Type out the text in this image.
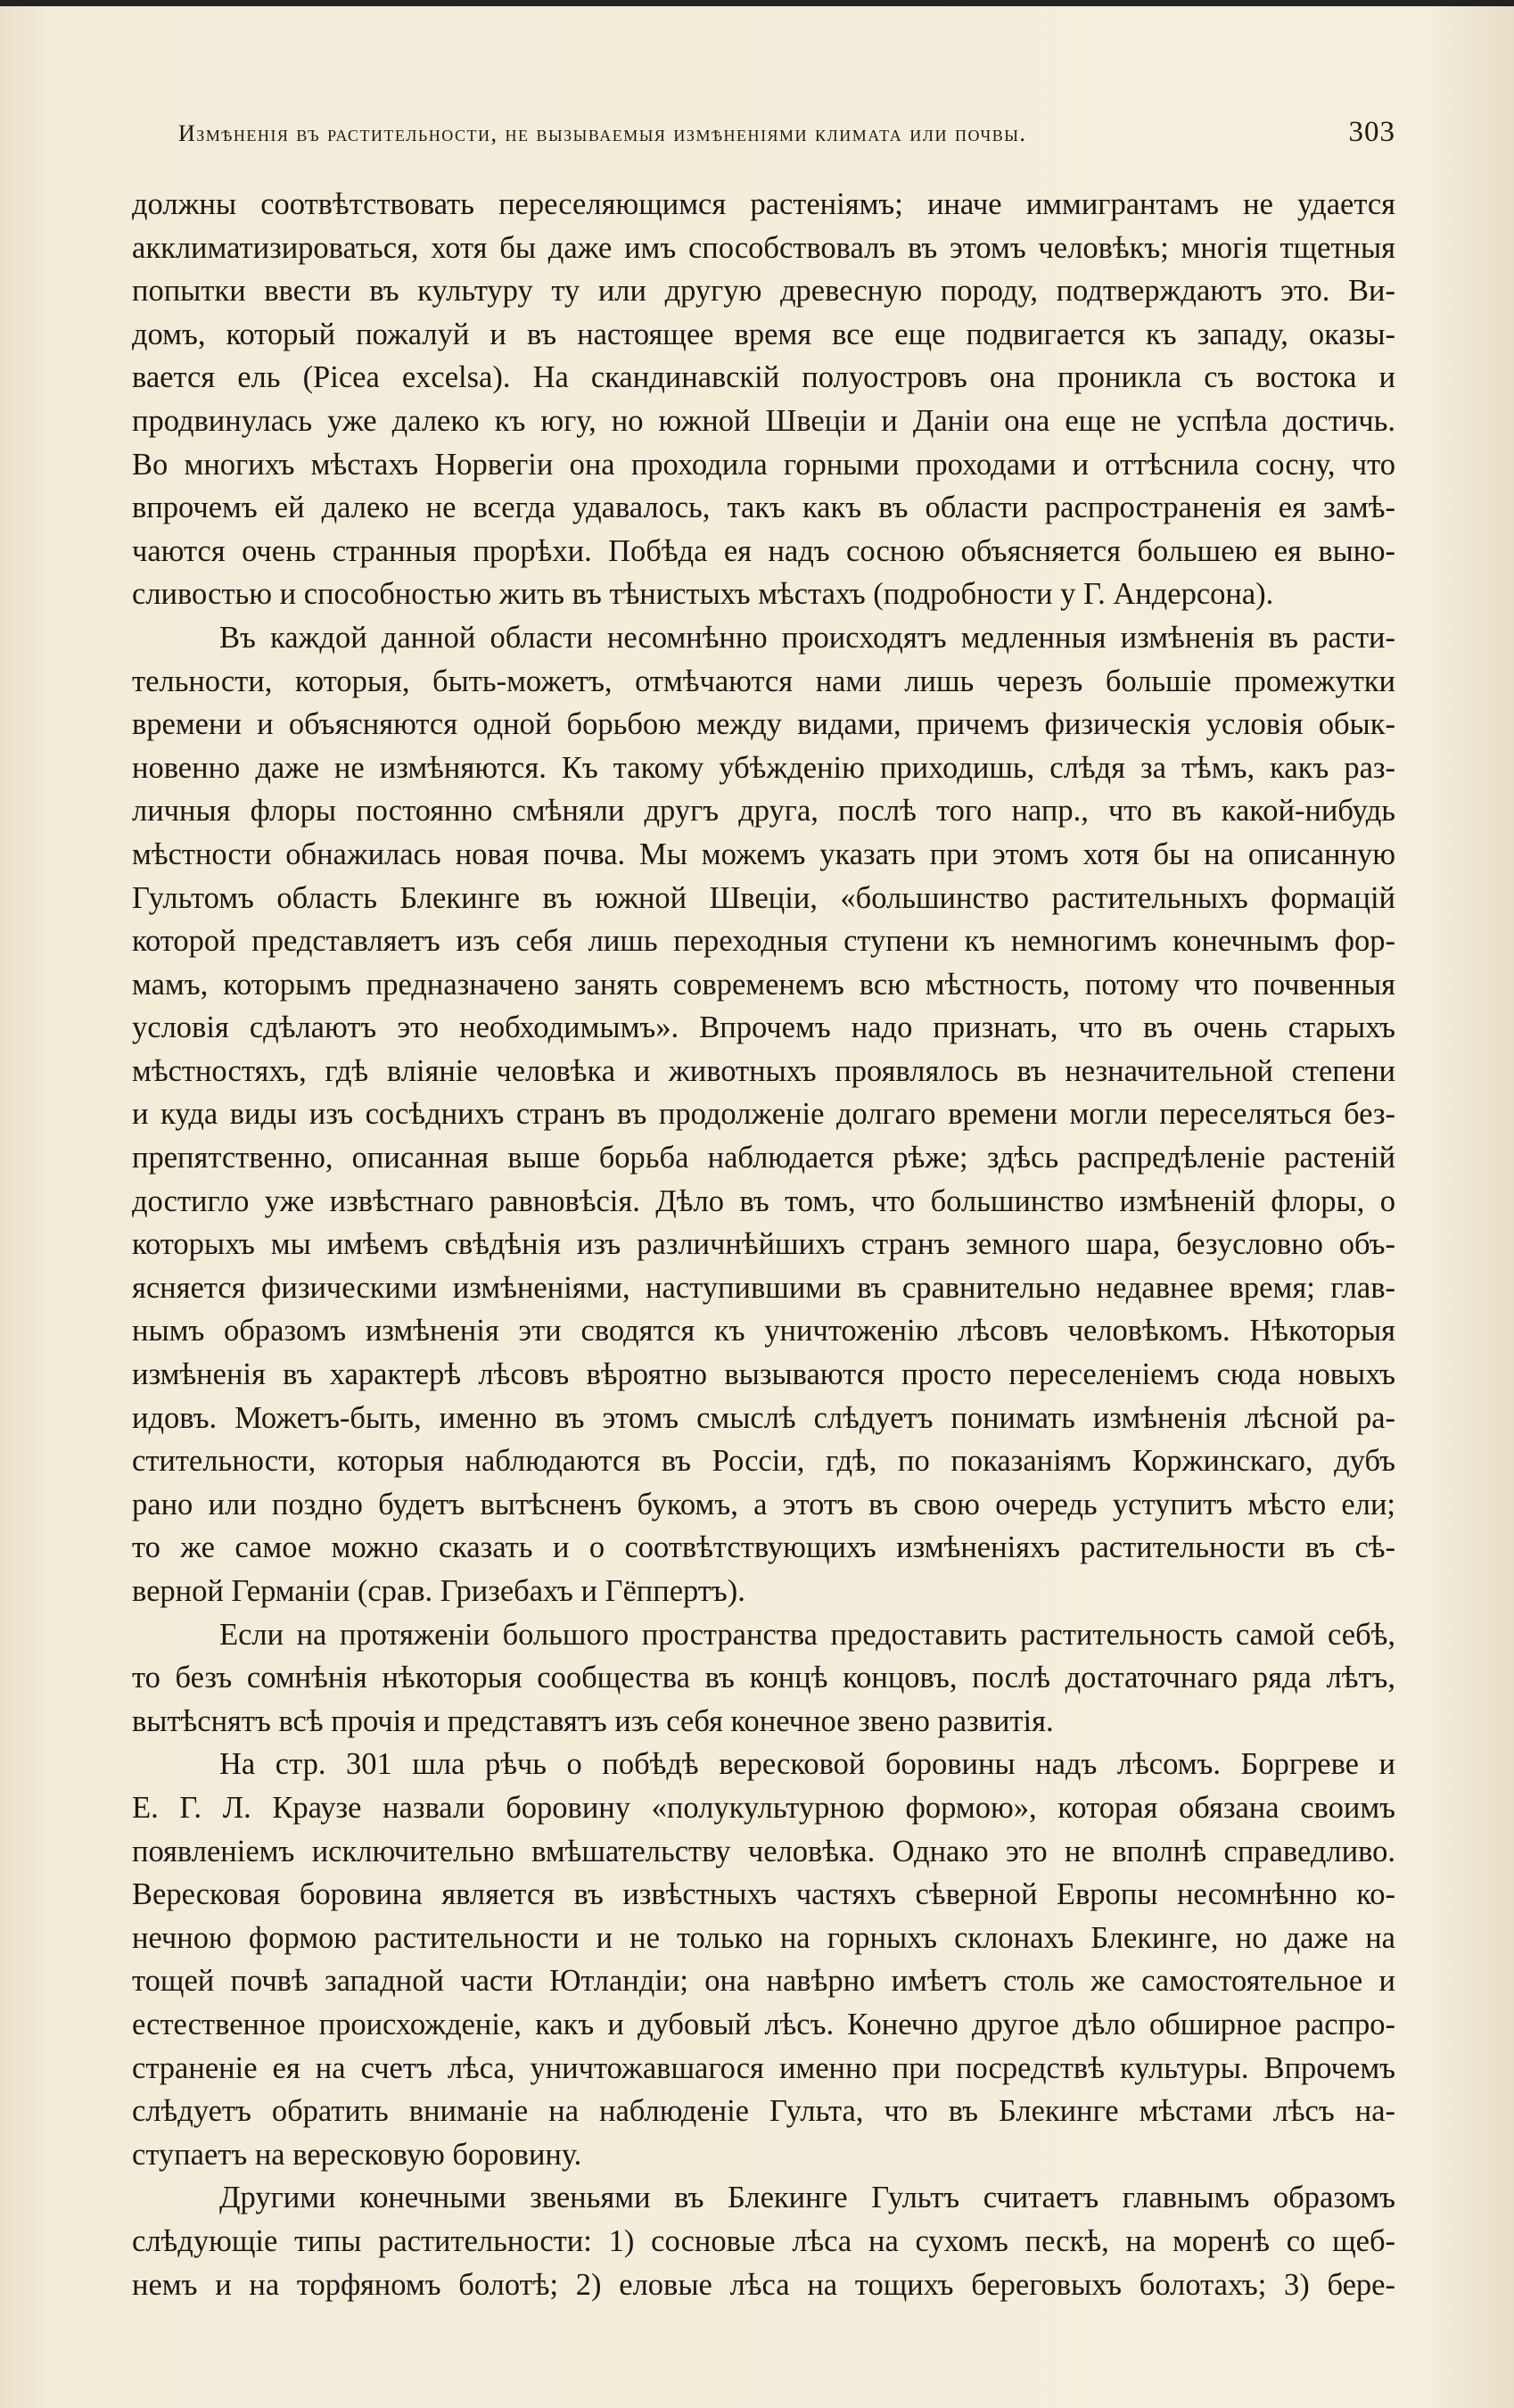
Измѣненія въ растительности, не вызываемыя измѣненіями климата или почвы.	303

должны соотвѣтствовать переселяющимся растеніямъ; иначе иммигрантамъ не удается

акклиматизироваться, хотя бы даже имъ способствовалъ въ этомъ человѣкъ; многія тщетныя

попытки ввести въ культуру ту или другую древесную породу, подтверждаютъ это. Ви-

домъ, который пожалуй и въ настоящее время все еще подвигается къ западу, оказы-

вается ель (Picea excelsa). На скандинавскій полуостровъ она проникла съ востока и

продвинулась уже далеко къ югу, но южной Швеціи и Даніи она еще не успѣла достичь.

Во многихъ мѣстахъ Норвегіи она проходила горными проходами и оттѣснила сосну, что

впрочемъ ей далеко не всегда удавалось, такъ какъ въ области распространенія ея замѣ-

чаются очень странныя прорѣхи. Побѣда ея надъ сосною объясняется большею ея выно-

сливостью и способностью жить въ тѣнистыхъ мѣстахъ (подробности у Г. Андерсона).

Въ каждой данной области несомнѣнно происходятъ медленныя измѣненія въ расти-

тельности, которыя, быть-можетъ, отмѣчаются нами лишь черезъ большіе промежутки

времени и объясняются одной борьбою между видами, причемъ физическія условія обык-

новенно даже не измѣняются. Къ такому убѣжденію приходишь, слѣдя за тѣмъ, какъ раз-

личныя флоры постоянно смѣняли другъ друга, послѣ того напр., что въ какой-нибудь

мѣстности обнажилась новая почва. Мы можемъ указать при этомъ хотя бы на описанную

Гультомъ область Блекинге въ южной Швеціи, «большинство растительныхъ формацій

которой представляетъ изъ себя лишь переходныя ступени къ немногимъ конечнымъ фор-

мамъ, которымъ предназначено занять современемъ всю мѣстность, потому что почвенныя

условія сдѣлаютъ это необходимымъ». Впрочемъ надо признать, что въ очень старыхъ

мѣстностяхъ, гдѣ вліяніе человѣка и животныхъ проявлялось въ незначительной степени

и куда виды изъ сосѣднихъ странъ въ продолженіе долгаго времени могли переселяться без-

препятственно, описанная выше борьба наблюдается рѣже; здѣсь распредѣленіе растеній

достигло уже извѣстнаго равновѣсія. Дѣло въ томъ, что большинство измѣненій флоры, о

которыхъ мы имѣемъ свѣдѣнія изъ различнѣйшихъ странъ земного шара, безусловно объ-

ясняется физическими измѣненіями, наступившими въ сравнительно недавнее время; глав-

нымъ образомъ измѣненія эти сводятся къ уничтоженію лѣсовъ человѣкомъ. Нѣкоторыя

измѣненія въ характерѣ лѣсовъ вѣроятно вызываются просто переселеніемъ сюда новыхъ

идовъ. Можетъ-быть, именно въ этомъ смыслѣ слѣдуетъ понимать измѣненія лѣсной ра-

стительности, которыя наблюдаются въ Россіи, гдѣ, по показаніямъ Коржинскаго, дубъ

рано или поздно будетъ вытѣсненъ букомъ, а этотъ въ свою очередь уступитъ мѣсто ели;

то же самое можно сказать и о соотвѣтствующихъ измѣненіяхъ растительности въ сѣ-

верной Германіи (срав. Гризебахъ и Гёппертъ).

Если на протяженіи большого пространства предоставить растительность самой себѣ,

то безъ сомнѣнія нѣкоторыя сообщества въ концѣ концовъ, послѣ достаточнаго ряда лѣтъ,

вытѣснятъ всѣ прочія и представятъ изъ себя конечное звено развитія.

На стр. 301 шла рѣчь о побѣдѣ вересковой боровины надъ лѣсомъ. Боргреве и

Е. Г. Л. Краузе назвали боровину «полукультурною формою», которая обязана своимъ

появленіемъ исключительно вмѣшательству человѣка. Однако это не вполнѣ справедливо.

Вересковая боровина является въ извѣстныхъ частяхъ сѣверной Европы несомнѣнно ко-

нечною формою растительности и не только на горныхъ склонахъ Блекинге, но даже на

тощей почвѣ западной части Ютландіи; она навѣрно имѣетъ столь же самостоятельное и

естественное происхожденіе, какъ и дубовый лѣсъ. Конечно другое дѣло обширное распро-

страненіе ея на счетъ лѣса, уничтожавшагося именно при посредствѣ культуры. Впрочемъ

слѣдуетъ обратить вниманіе на наблюденіе Гульта, что въ Блекинге мѣстами лѣсъ на-

ступаетъ на вересковую боровину.

Другими конечными звеньями въ Блекинге Гультъ считаетъ главнымъ образомъ

слѣдующіе типы растительности: 1) сосновые лѣса на сухомъ пескѣ, на моренѣ со щеб-

немъ и на торфяномъ болотѣ; 2) еловые лѣса на тощихъ береговыхъ болотахъ; 3) бере-
